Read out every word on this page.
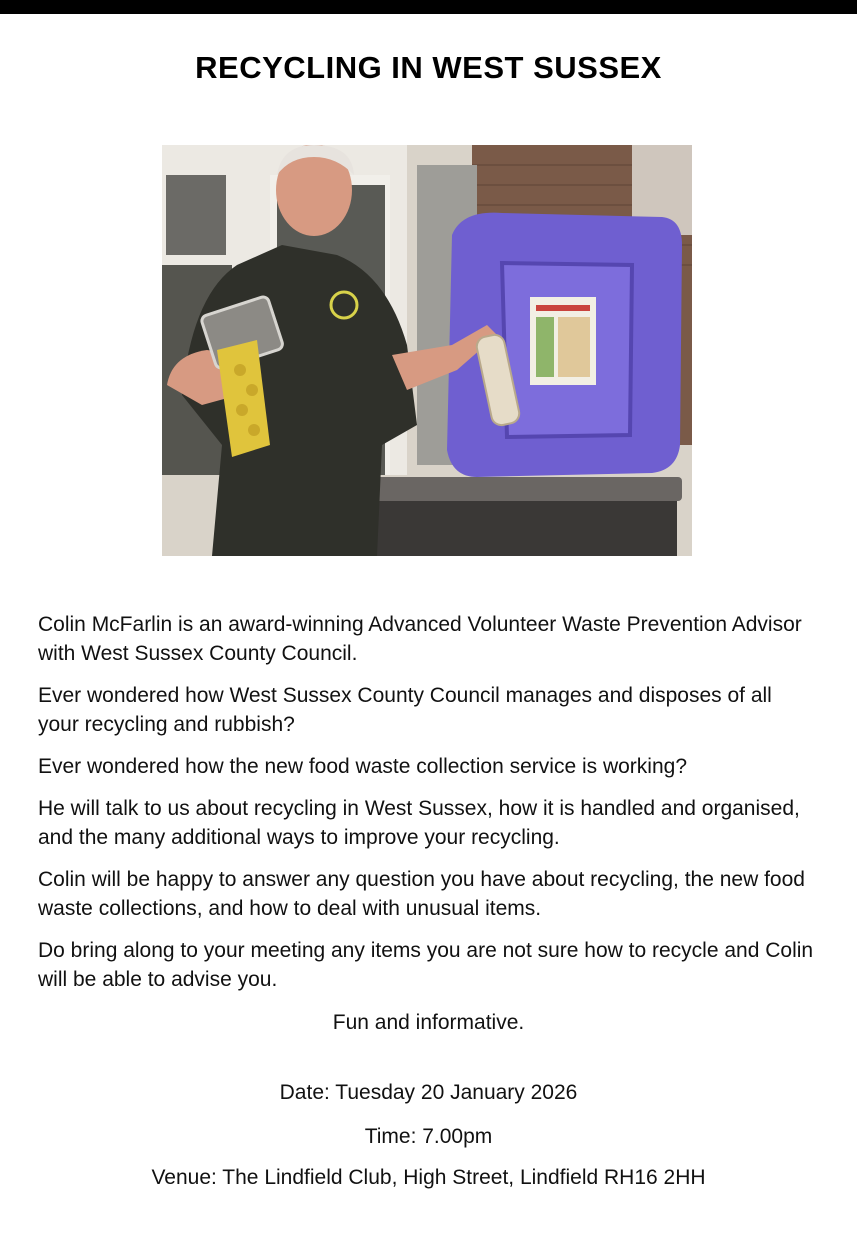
RECYCLING IN WEST SUSSEX

Colin McFarlin is an award-winning Advanced Volunteer Waste Prevention Advisor with West Sussex County Council.

Ever wondered how West Sussex County Council manages and disposes of all your recycling and rubbish?

Ever wondered how the new food waste collection service is working?

He will talk to us about recycling in West Sussex, how it is handled and organised, and the many additional ways to improve your recycling.

Colin will be happy to answer any question you have about recycling, the new food waste collections, and how to deal with unusual items.

Do bring along to your meeting any items you are not sure how to recycle and Colin will be able to advise you.

Fun and informative.
Date: Tuesday 20 January 2026
Time: 7.00pm
Venue: The Lindfield Club, High Street, Lindfield RH16 2HH
